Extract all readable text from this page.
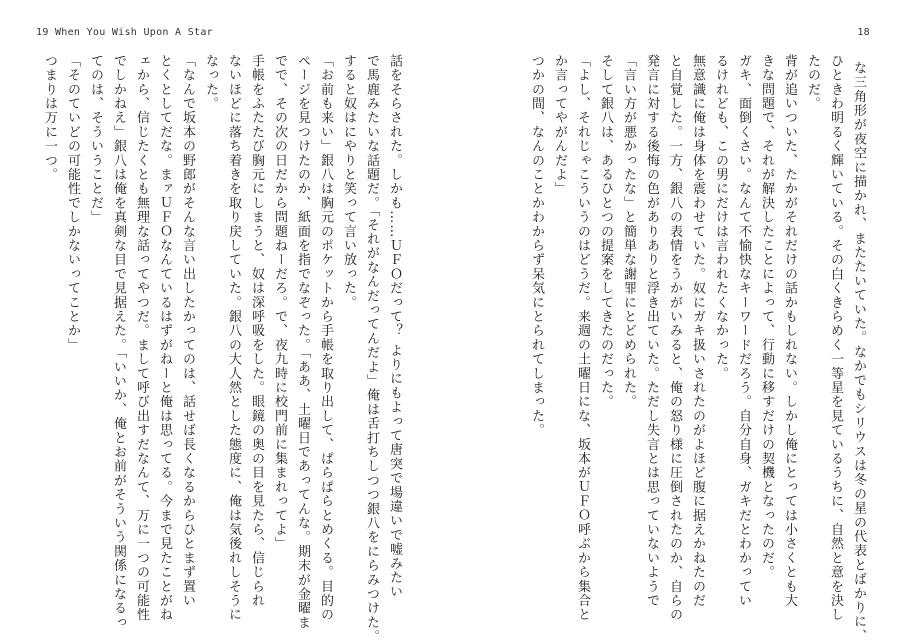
19 When You Wish Upon A Star
話をそらされた。しかも……ＵＦＯだって？ よりにもよって唐突で場違いで嘘みたい
で馬鹿みたいな話題だ。「それがなんだってんだよ」俺は舌打ちしつつ銀八をにらみつけた。
すると奴はにやりと笑って言い放った。
「お前も来い」銀八は胸元のポケットから手帳を取り出して、ぱらぱらとめくる。目的の
ページを見つけたのか、紙面を指でなぞった。「ああ、土曜日であってんな。期末が金曜ま
でで、その次の日だから問題ねーだろ。で、夜九時に校門前に集まれってよ」
手帳をふたたび胸元にしまうと、奴は深呼吸をした。眼鏡の奥の目を見たら、信じられ
ないほどに落ち着きを取り戻していた。銀八の大人然とした態度に、俺は気後れしそうに
なった。
「なんで坂本の野郎がそんな言い出したかってのは、話せば長くなるからひとまず置い
とくとしてだな。まァＵＦＯなんているはずがねーと俺は思ってる。今まで見たことがね
ェから、信じたくとも無理な話ってやつだ。まして呼び出すだなんて、万に一つの可能性
でしかねえ」銀八は俺を真剣な目で見据えた。「いいか、俺とお前がそういう関係になるっ
てのは、そういうことだ」
「そのていどの可能性でしかないってことか」
つまりは万に一つ。
18
な三角形が夜空に描かれ、またたいていた。なかでもシリウスは冬の星の代表とばかりに、
ひときわ明るく輝いている。その白くきらめく一等星を見ているうちに、自然と意を決し
たのだ。
背が追いついた、たかがそれだけの話かもしれない。しかし俺にとっては小さくとも大
きな問題で、それが解決したことによって、行動に移すだけの契機となったのだ。
ガキ、面倒くさい。なんて不愉快なキーワードだろう。自分自身、ガキだとわかってい
るけれども、この男にだけは言われたくなかった。
無意識に俺は身体を震わせていた。奴にガキ扱いされたのがよほど腹に据えかねたのだ
と自覚した。一方、銀八の表情をうかがいみると、俺の怒り様に圧倒されたのか、自らの
発言に対する後悔の色がありありと浮き出ていた。ただし失言とは思っていないようで
「言い方が悪かったな」と簡単な謝罪にとどめられた。
そして銀八は、あるひとつの提案をしてきたのだった。
「よし、それじゃこういうのはどうだ。来週の土曜日にな、坂本がＵＦＯ呼ぶから集合と
か言ってやがんだよ」
つかの間、なんのことかわからず呆気にとられてしまった。
